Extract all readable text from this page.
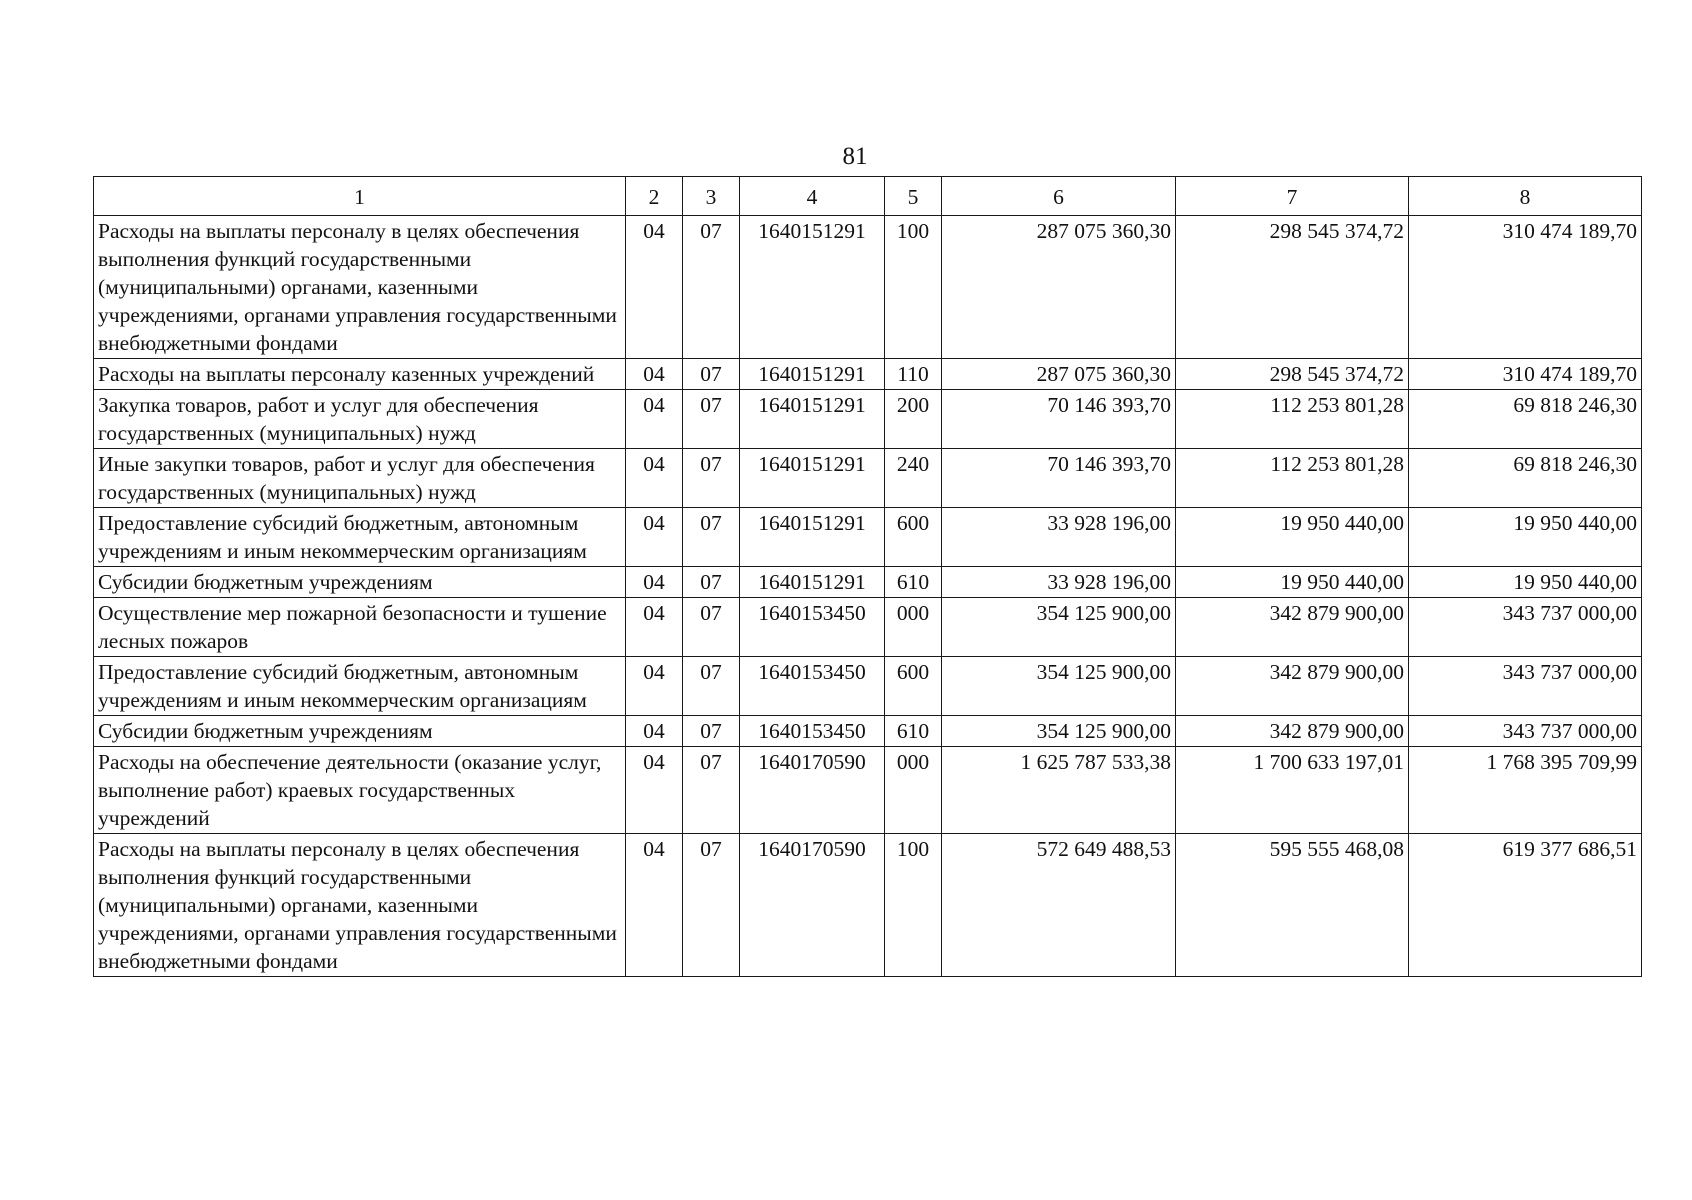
81
1	2	3	4	5	6	7	8
Расходы на выплаты персоналу в целях обеспечения выполнения функций государственными (муниципальными) органами, казенными учреждениями, органами управления государственными внебюджетными фондами	04	07	1640151291	100	287 075 360,30	298 545 374,72	310 474 189,70
Расходы на выплаты персоналу казенных учреждений	04	07	1640151291	110	287 075 360,30	298 545 374,72	310 474 189,70
Закупка товаров, работ и услуг для обеспечения государственных (муниципальных) нужд	04	07	1640151291	200	70 146 393,70	112 253 801,28	69 818 246,30
Иные закупки товаров, работ и услуг для обеспечения государственных (муниципальных) нужд	04	07	1640151291	240	70 146 393,70	112 253 801,28	69 818 246,30
Предоставление субсидий бюджетным, автономным учреждениям и иным некоммерческим организациям	04	07	1640151291	600	33 928 196,00	19 950 440,00	19 950 440,00
Субсидии бюджетным учреждениям	04	07	1640151291	610	33 928 196,00	19 950 440,00	19 950 440,00
Осуществление мер пожарной безопасности и тушение лесных пожаров	04	07	1640153450	000	354 125 900,00	342 879 900,00	343 737 000,00
Предоставление субсидий бюджетным, автономным учреждениям и иным некоммерческим организациям	04	07	1640153450	600	354 125 900,00	342 879 900,00	343 737 000,00
Субсидии бюджетным учреждениям	04	07	1640153450	610	354 125 900,00	342 879 900,00	343 737 000,00
Расходы на обеспечение деятельности (оказание услуг, выполнение работ) краевых государственных учреждений	04	07	1640170590	000	1 625 787 533,38	1 700 633 197,01	1 768 395 709,99
Расходы на выплаты персоналу в целях обеспечения выполнения функций государственными (муниципальными) органами, казенными учреждениями, органами управления государственными внебюджетными фондами	04	07	1640170590	100	572 649 488,53	595 555 468,08	619 377 686,51
